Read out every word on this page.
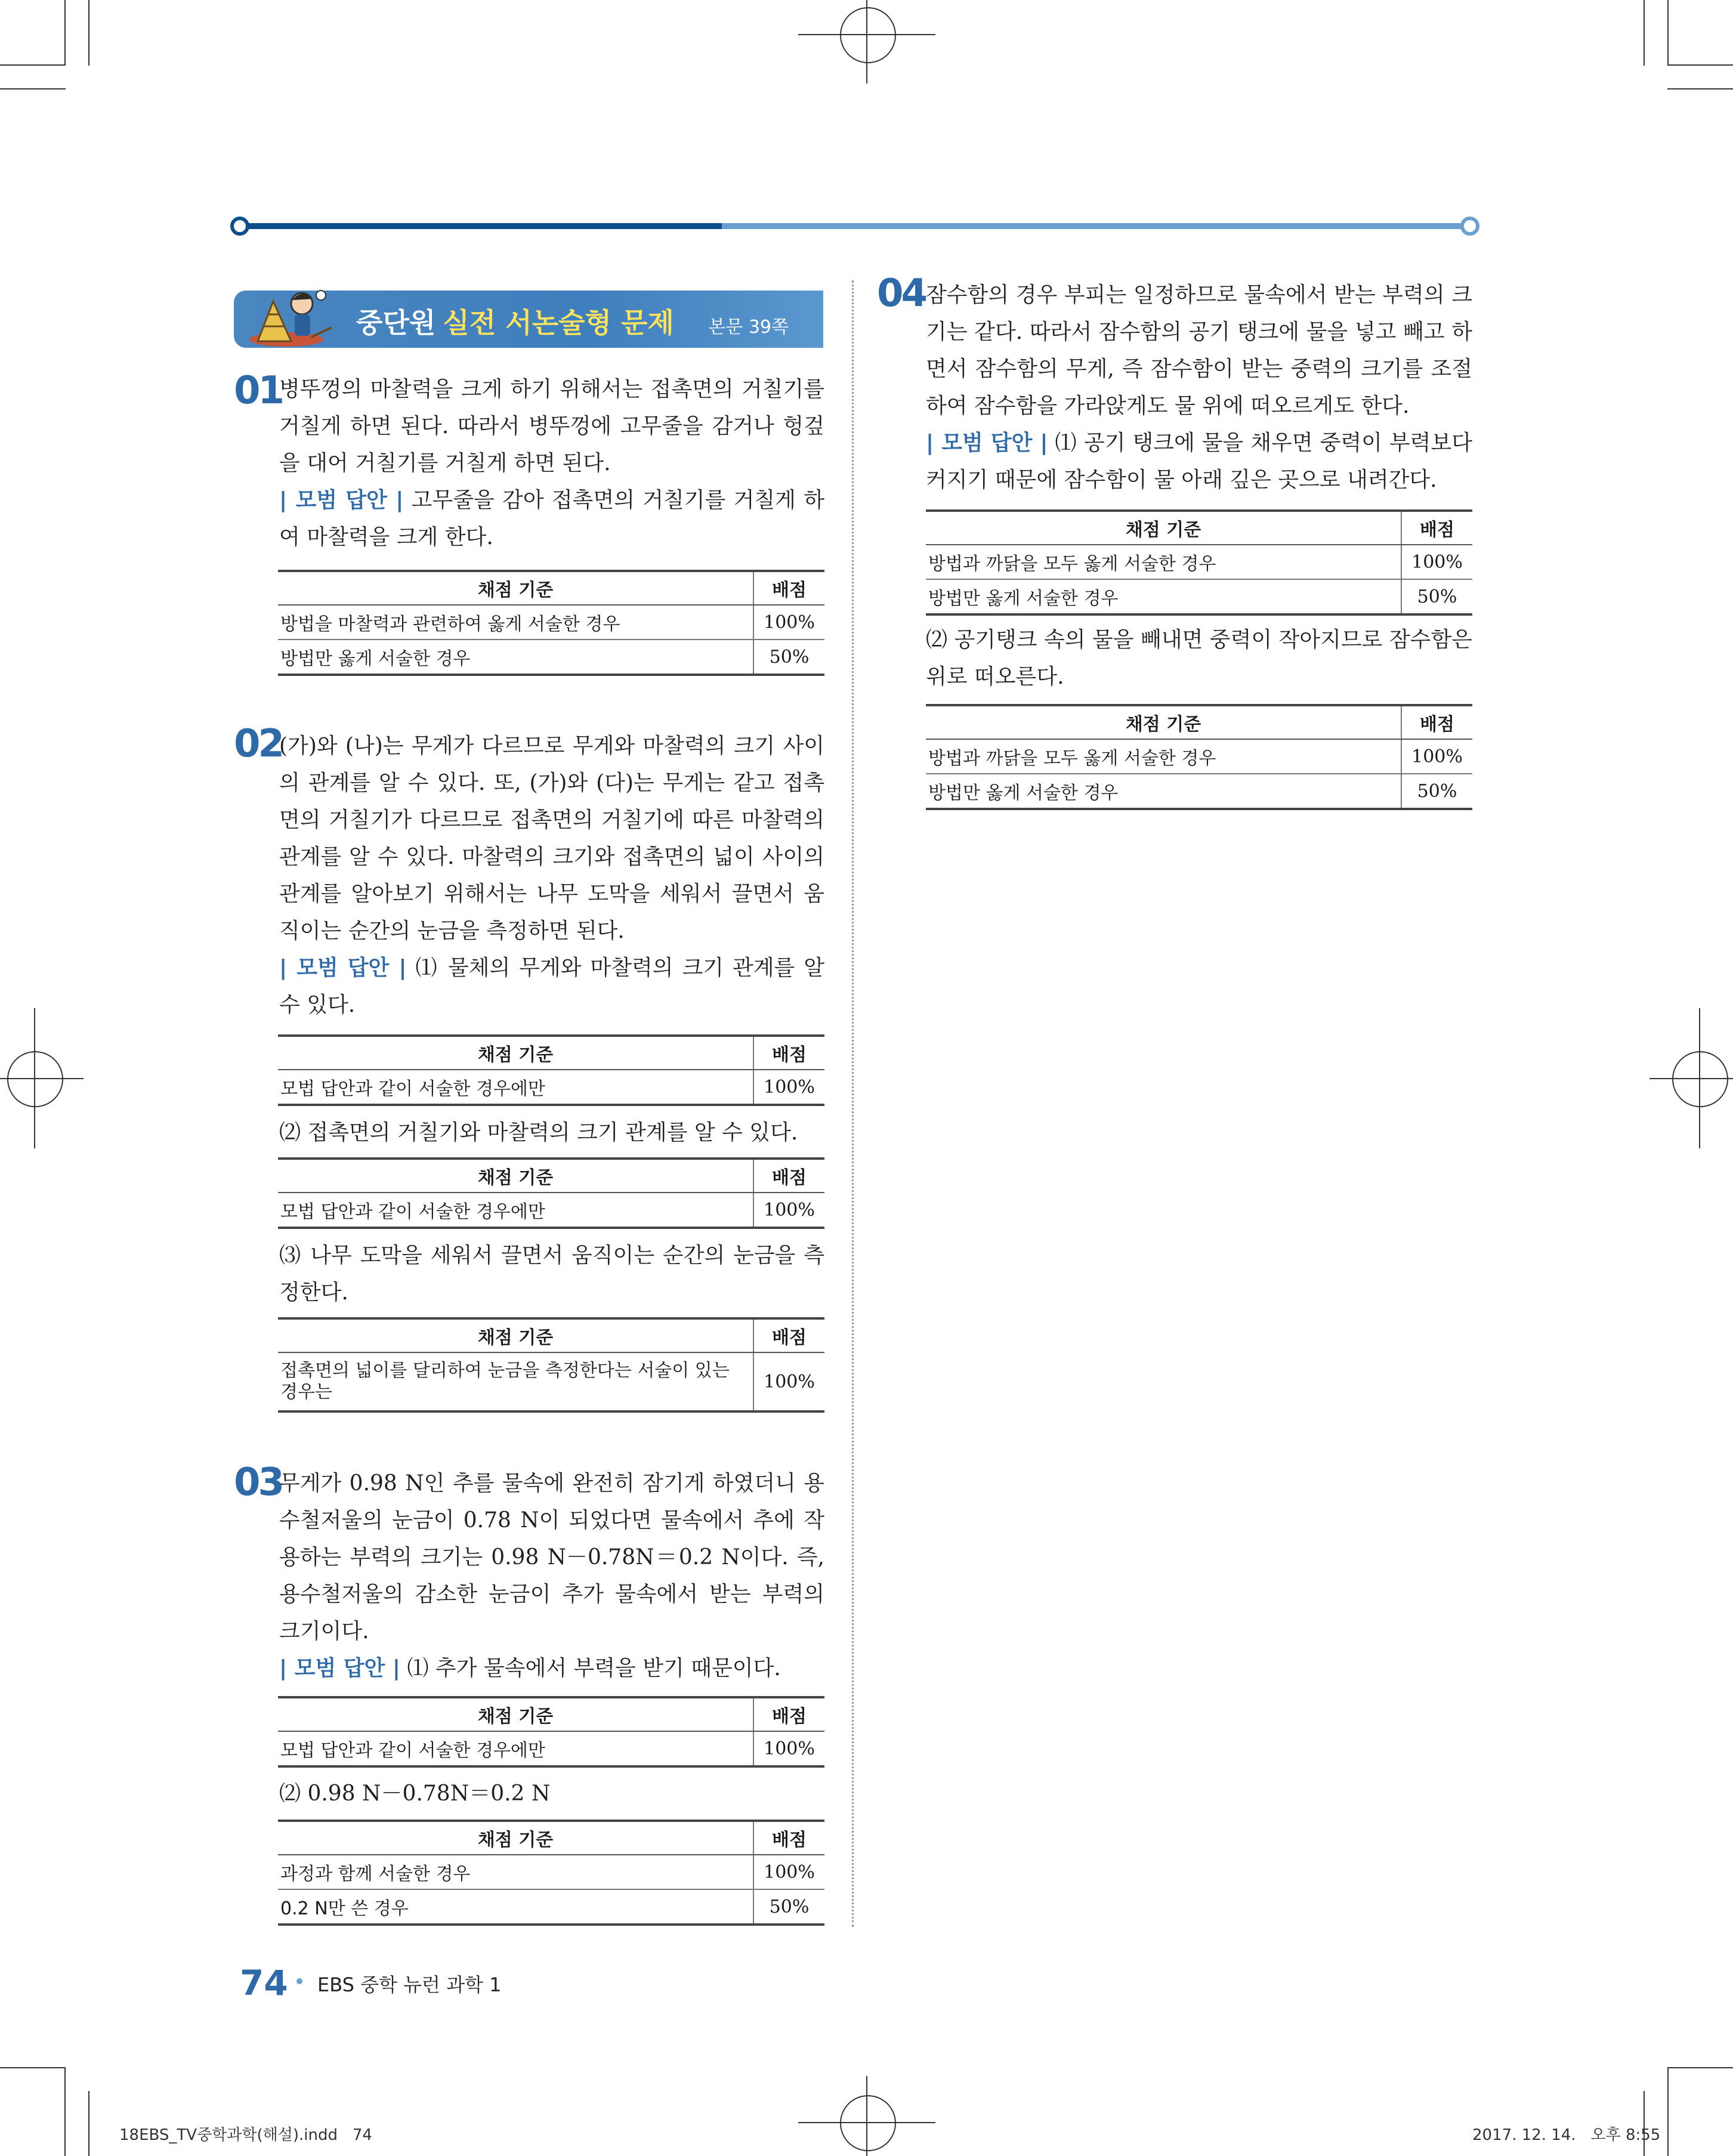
중단원 실전 서논술형 문제 본문 39쪽
01

병뚜껑의 마찰력을 크게 하기 위해서는 접촉면의 거칠기를 거칠게 하면 된다. 따라서 병뚜껑에 고무줄을 감거나 헝겊을 대어 거칠기를 거칠게 하면 된다.

| 모범 답안 | 고무줄을 감아 접촉면의 거칠기를 거칠게 하여 마찰력을 크게 한다.

채점 기준	배점
방법을 마찰력과 관련하여 옳게 서술한 경우	100%
방법만 옳게 서술한 경우	50%
02

(가)와 (나)는 무게가 다르므로 무게와 마찰력의 크기 사이의 관계를 알 수 있다. 또, (가)와 (다)는 무게는 같고 접촉면의 거칠기가 다르므로 접촉면의 거칠기에 따른 마찰력의 관계를 알 수 있다. 마찰력의 크기와 접촉면의 넓이 사이의 관계를 알아보기 위해서는 나무 도막을 세워서 끌면서 움직이는 순간의 눈금을 측정하면 된다.

| 모범 답안 | ⑴ 물체의 무게와 마찰력의 크기 관계를 알 수 있다.

채점 기준	배점
모법 답안과 같이 서술한 경우에만	100%

⑵ 접촉면의 거칠기와 마찰력의 크기 관계를 알 수 있다.

채점 기준	배점
모법 답안과 같이 서술한 경우에만	100%

⑶ 나무 도막을 세워서 끌면서 움직이는 순간의 눈금을 측정한다.

채점 기준	배점
접촉면의 넓이를 달리하여 눈금을 측정한다는 서술이 있는 경우는	100%
03

무게가 0.98 N인 추를 물속에 완전히 잠기게 하였더니 용수철저울의 눈금이 0.78 N이 되었다면 물속에서 추에 작용하는 부력의 크기는 0.98 N－0.78N＝0.2 N이다. 즉, 용수철저울의 감소한 눈금이 추가 물속에서 받는 부력의 크기이다.

| 모범 답안 | ⑴ 추가 물속에서 부력을 받기 때문이다.

채점 기준	배점
모법 답안과 같이 서술한 경우에만	100%

⑵ 0.98 N－0.78N＝0.2 N

채점 기준	배점
과정과 함께 서술한 경우	100%
0.2 N만 쓴 경우	50%
04 잠수함의 경우 부피는 일정하므로 물속에서 받는 부력의 크기는 같다. 따라서 잠수함의 공기 탱크에 물을 넣고 빼고 하면서 잠수함의 무게, 즉 잠수함이 받는 중력의 크기를 조절하여 잠수함을 가라앉게도 물 위에 떠오르게도 한다.

| 모범 답안 | ⑴ 공기 탱크에 물을 채우면 중력이 부력보다 커지기 때문에 잠수함이 물 아래 깊은 곳으로 내려간다.

채점 기준	배점
방법과 까닭을 모두 옳게 서술한 경우	100%
방법만 옳게 서술한 경우	50%

⑵ 공기탱크 속의 물을 빼내면 중력이 작아지므로 잠수함은 위로 떠오른다.

채점 기준	배점
방법과 까닭을 모두 옳게 서술한 경우	100%
방법만 옳게 서술한 경우	50%
74 EBS 중학 뉴런 과학 1
18EBS_TV중학과학(해설).indd   74	2017. 12. 14.   오후 8:55
